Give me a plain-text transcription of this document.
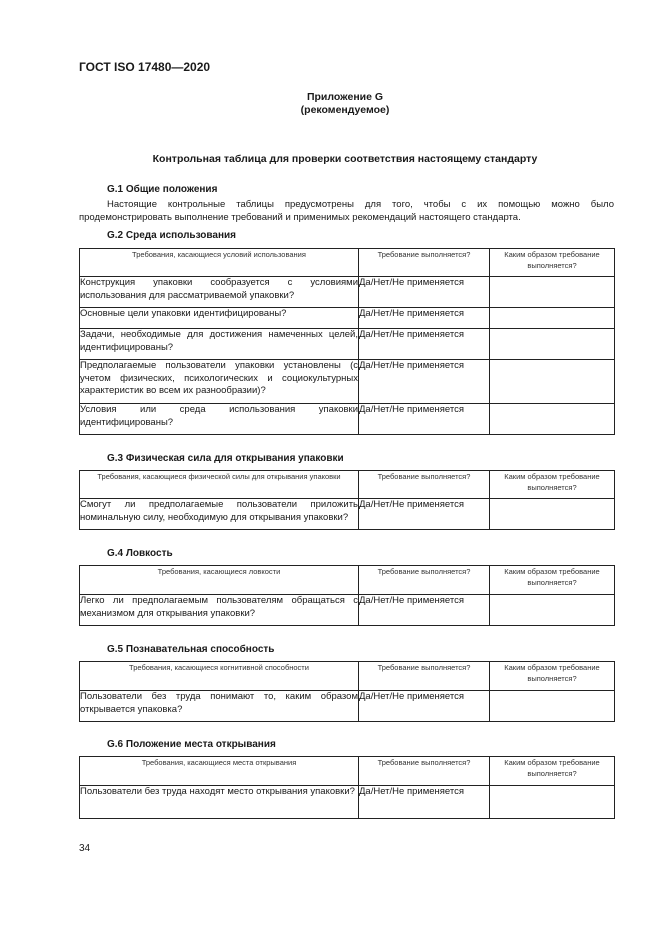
ГОСТ ISO 17480—2020
Приложение G
(рекомендуемое)
Контрольная таблица для проверки соответствия настоящему стандарту
G.1 Общие положения
Настоящие контрольные таблицы предусмотрены для того, чтобы с их помощью можно было продемонстрировать выполнение требований и применимых рекомендаций настоящего стандарта.
G.2 Среда использования
Требования, касающиеся условий использования	Требование выполняется?	Каким образом требование выполняется?
Конструкция упаковки сообразуется с условиями использования для рассматриваемой упаковки?	Да/Нет/Не применяется	
Основные цели упаковки идентифицированы?	Да/Нет/Не применяется	
Задачи, необходимые для достижения намеченных целей, идентифицированы?	Да/Нет/Не применяется	
Предполагаемые пользователи упаковки установлены (с учетом физических, психологических и социокультурных характеристик во всем их разнообразии)?	Да/Нет/Не применяется	
Условия или среда использования упаковки идентифицированы?	Да/Нет/Не применяется	
G.3 Физическая сила для открывания упаковки
Требования, касающиеся физической силы для открывания упаковки	Требование выполняется?	Каким образом требование выполняется?
Смогут ли предполагаемые пользователи приложить номинальную силу, необходимую для открывания упаковки?	Да/Нет/Не применяется	
G.4 Ловкость
Требования, касающиеся ловкости	Требование выполняется?	Каким образом требование выполняется?
Легко ли предполагаемым пользователям обращаться с механизмом для открывания упаковки?	Да/Нет/Не применяется	
G.5 Познавательная способность
Требования, касающиеся когнитивной способности	Требование выполняется?	Каким образом требование выполняется?
Пользователи без труда понимают то, каким образом открывается упаковка?	Да/Нет/Не применяется	
G.6 Положение места открывания
Требования, касающиеся места открывания	Требование выполняется?	Каким образом требование выполняется?
Пользователи без труда находят место открывания упаковки?	Да/Нет/Не применяется	
34
